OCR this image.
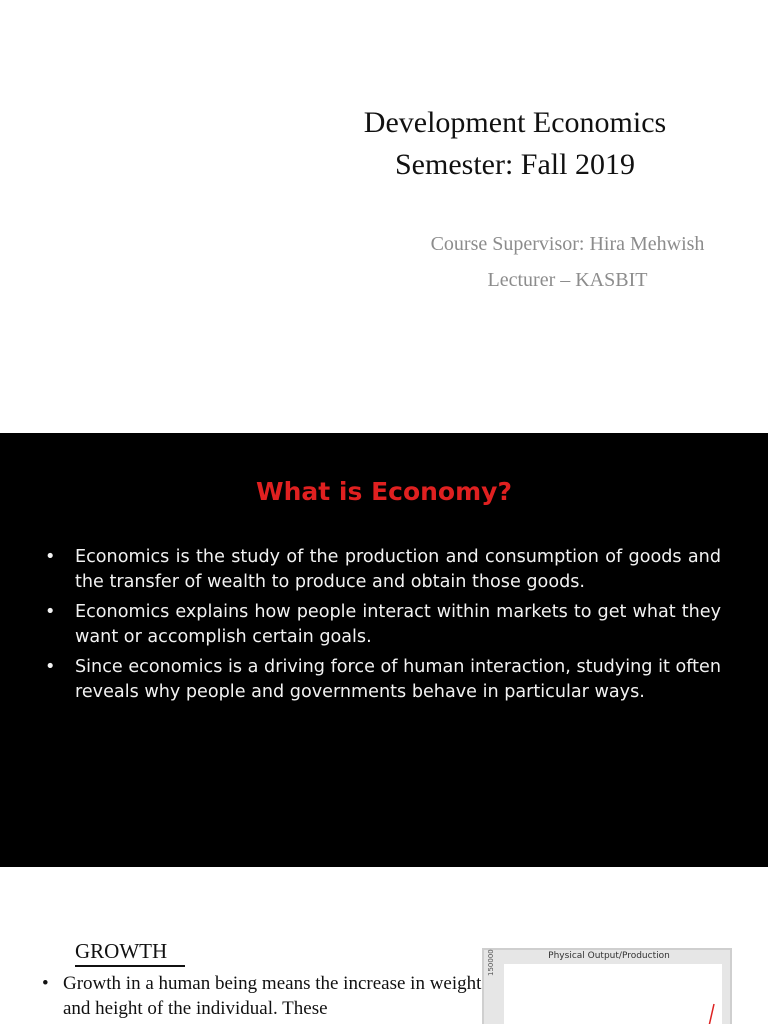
Development Economics
Semester: Fall 2019
Course Supervisor: Hira Mehwish
Lecturer – KASBIT
What is Economy?
• Economics is the study of the production and consumption of goods and the transfer of wealth to produce and obtain those goods.
• Economics explains how people interact within markets to get what they want or accomplish certain goals.
• Since economics is a driving force of human interaction, studying it often reveals why people and governments behave in particular ways.
GROWTH
• Growth in a human being means the increase in weight and height of the individual. These
Physical Output/Production
150000
